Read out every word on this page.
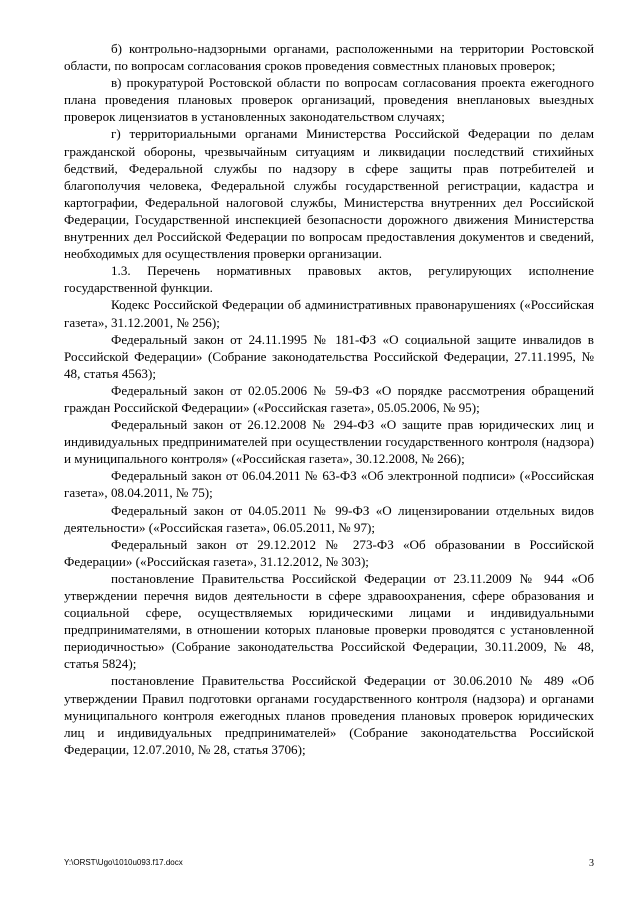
б) контрольно-надзорными органами, расположенными на территории Ростовской области, по вопросам согласования сроков проведения совместных плановых проверок;

в) прокуратурой Ростовской области по вопросам согласования проекта ежегодного плана проведения плановых проверок организаций, проведения внеплановых выездных проверок лицензиатов в установленных законодательством случаях;

г) территориальными органами Министерства Российской Федерации по делам гражданской обороны, чрезвычайным ситуациям и ликвидации последствий стихийных бедствий, Федеральной службы по надзору в сфере защиты прав потребителей и благополучия человека, Федеральной службы государственной регистрации, кадастра и картографии, Федеральной налоговой службы, Министерства внутренних дел Российской Федерации, Государственной инспекцией безопасности дорожного движения Министерства внутренних дел Российской Федерации по вопросам предоставления документов и сведений, необходимых для осуществления проверки организации.

1.3. Перечень нормативных правовых актов, регулирующих исполнение государственной функции.

Кодекс Российской Федерации об административных правонарушениях («Российская газета», 31.12.2001, № 256);

Федеральный закон от 24.11.1995 № 181-ФЗ «О социальной защите инвалидов в Российской Федерации» (Собрание законодательства Российской Федерации, 27.11.1995, № 48, статья 4563);

Федеральный закон от 02.05.2006 № 59-ФЗ «О порядке рассмотрения обращений граждан Российской Федерации» («Российская газета», 05.05.2006, № 95);

Федеральный закон от 26.12.2008 № 294-ФЗ «О защите прав юридических лиц и индивидуальных предпринимателей при осуществлении государственного контроля (надзора) и муниципального контроля» («Российская газета», 30.12.2008, № 266);

Федеральный закон от 06.04.2011 № 63-ФЗ «Об электронной подписи» («Российская газета», 08.04.2011, № 75);

Федеральный закон от 04.05.2011 № 99-ФЗ «О лицензировании отдельных видов деятельности» («Российская газета», 06.05.2011, № 97);

Федеральный закон от 29.12.2012 № 273-ФЗ «Об образовании в Российской Федерации» («Российская газета», 31.12.2012, № 303);

постановление Правительства Российской Федерации от 23.11.2009 № 944 «Об утверждении перечня видов деятельности в сфере здравоохранения, сфере образования и социальной сфере, осуществляемых юридическими лицами и индивидуальными предпринимателями, в отношении которых плановые проверки проводятся с установленной периодичностью» (Собрание законодательства Российской Федерации, 30.11.2009, № 48, статья 5824);

постановление Правительства Российской Федерации от 30.06.2010 № 489 «Об утверждении Правил подготовки органами государственного контроля (надзора) и органами муниципального контроля ежегодных планов проведения плановых проверок юридических лиц и индивидуальных предпринимателей» (Собрание законодательства Российской Федерации, 12.07.2010, № 28, статья 3706);

Y:\ORST\Ugo\1010u093.f17.docx	3
